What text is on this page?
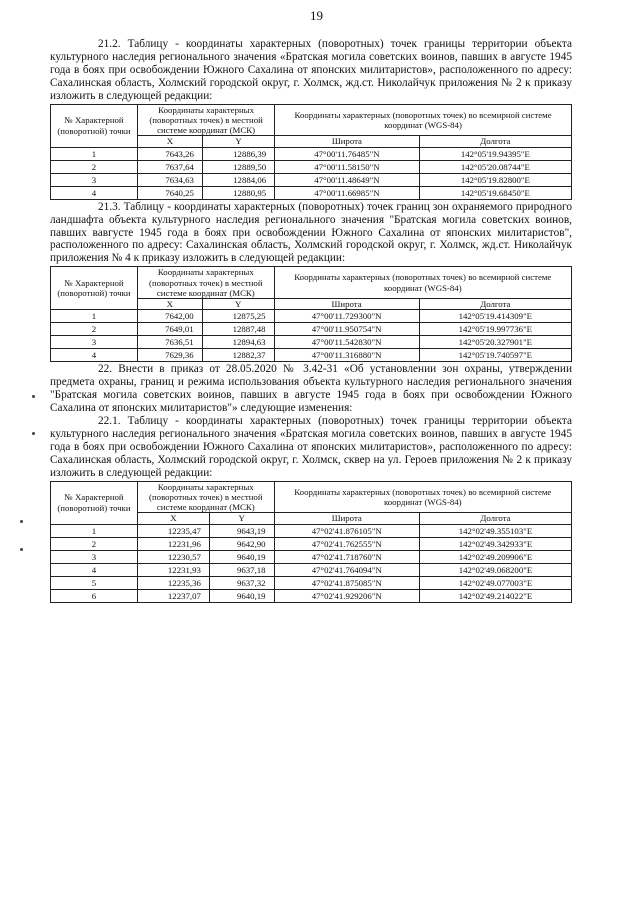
19

21.2. Таблицу - координаты характерных (поворотных) точек границы территории объекта культурного наследия регионального значения «Братская могила советских воинов, павших в августе 1945 года в боях при освобождении Южного Сахалина от японских милитаристов», расположенного по адресу: Сахалинская область, Холмский городской округ, г. Холмск, жд.ст. Николайчук приложения № 2 к приказу изложить в следующей редакции:

№ Характерной (поворотной) точки	Координаты характерных (поворотных точек) в местной системе координат (МСК)		Координаты характерных (поворотных точек) во всемирной системе координат (WGS-84)	
	X	Y	Широта	Долгота
1	7643,26	12886,39	47°00'11.76485"N	142°05'19.94395"E
2	7637,64	12889,50	47°00'11.58150"N	142°05'20.08744"E
3	7634,63	12884,06	47°00'11.48649"N	142°05'19.82800"E
4	7640,25	12880,95	47°00'11.66985"N	142°05'19.68450"E

21.3. Таблицу - координаты характерных (поворотных) точек границ зон охраняемого природного ландшафта объекта культурного наследия регионального значения "Братская могила советских воинов, павших вавгусте 1945 года в боях при освобождении Южного Сахалина от японских милитаристов", расположенного по адресу: Сахалинская область, Холмский городской округ, г. Холмск, жд.ст. Николайчук приложения № 4 к приказу изложить в следующей редакции:

№ Характерной (поворотной) точки	Координаты характерных (поворотных точек) в местной системе координат (МСК)		Координаты характерных (поворотных точек) во всемирной системе координат (WGS-84)	
	X	Y	Широта	Долгота
1	7642,00	12875,25	47°00'11.729300"N	142°05'19.414309"E
2	7649,01	12887,48	47°00'11.950754"N	142°05'19.997736"E
3	7636,51	12894,63	47°00'11.542830"N	142°05'20.327901"E
4	7629,36	12882,37	47°00'11.316880"N	142°05'19.740597"E

22. Внести в приказ от 28.05.2020 № 3.42-31 «Об установлении зон охраны, утверждении предмета охраны, границ и режима использования объекта культурного наследия регионального значения "Братская могила советских воинов, павших в августе 1945 года в боях при освобождении Южного Сахалина от японских милитаристов"» следующие изменения:

22.1. Таблицу - координаты характерных (поворотных) точек границы территории объекта культурного наследия регионального значения «Братская могила советских воинов, павших в августе 1945 года в боях при освобождении Южного Сахалина от японских милитаристов», расположенного по адресу: Сахалинская область, Холмский городской округ, г. Холмск, сквер на ул. Героев приложения № 2 к приказу изложить в следующей редакции:

№ Характерной (поворотной) точки	Координаты характерных (поворотных точек) в местной системе координат (МСК)		Координаты характерных (поворотных точек) во всемирной системе координат (WGS-84)	
	X	Y	Широта	Долгота
1	12235,47	9643,19	47°02'41.876105"N	142°02'49.355103"E
2	12231,96	9642,90	47°02'41.762555"N	142°02'49.342933"E
3	12230,57	9640,19	47°02'41.718760"N	142°02'49.209906"E
4	12231,93	9637,18	47°02'41.764094"N	142°02'49.068200"E
5	12235,36	9637,32	47°02'41.875085"N	142°02'49.077003"E
6	12237,07	9640,19	47°02'41.929206"N	142°02'49.214022"E
